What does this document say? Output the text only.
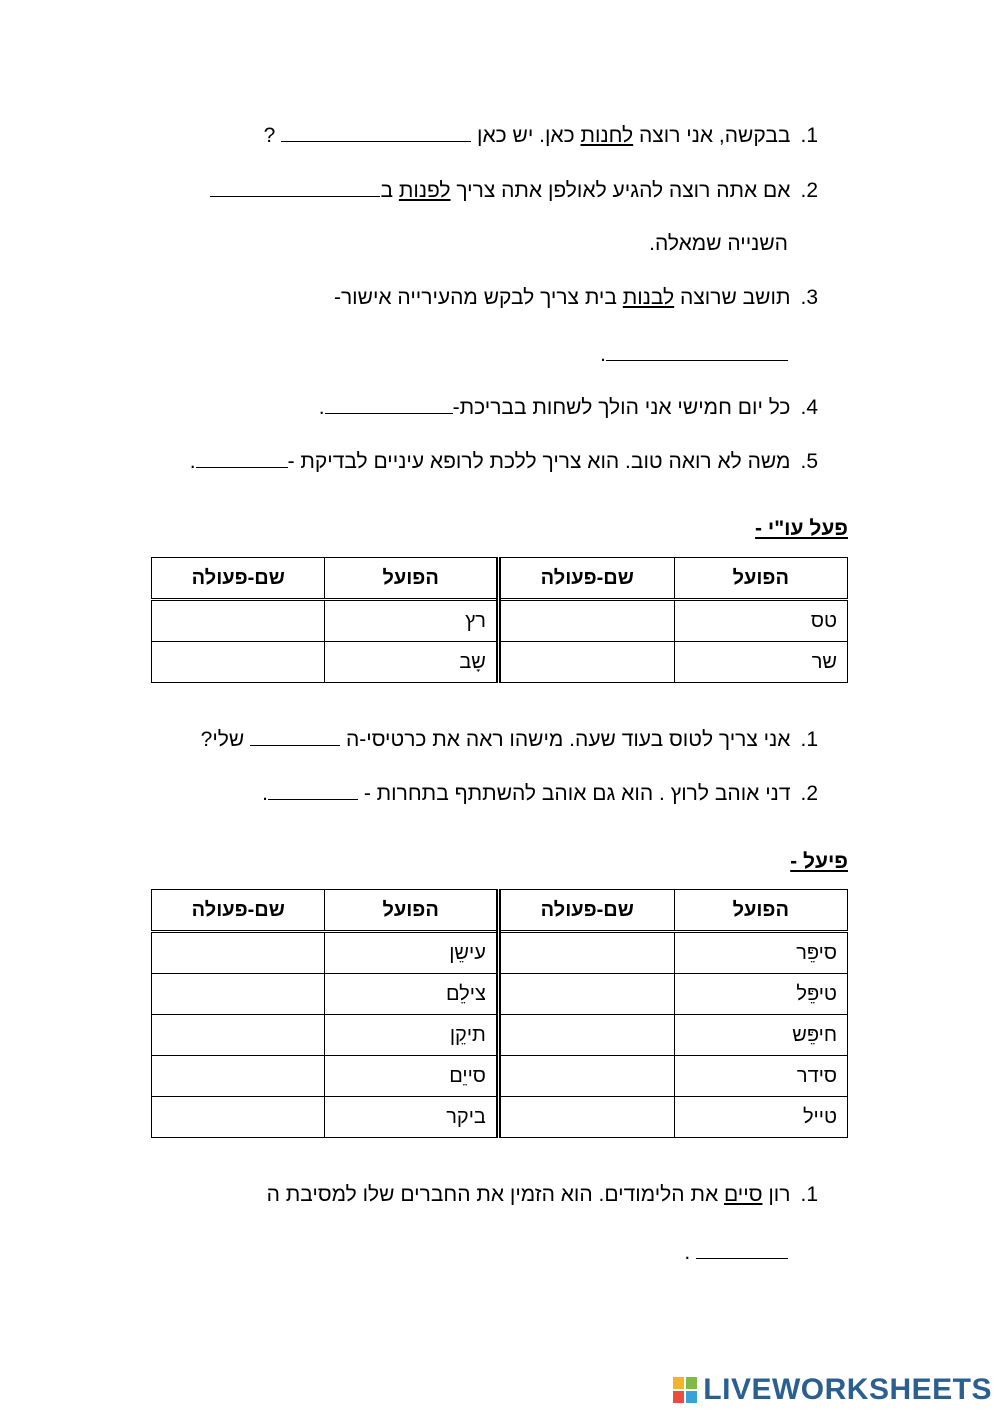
1.בבקשה, אני רוצה לחנות כאן. יש כאן  ?
2.אם אתה רוצה להגיע לאולפן אתה צריך לפנות ב
השנייה שמאלה.
3.תושב שרוצה לבנות בית צריך לבקש מהעירייה אישור-
.
4.כל יום חמישי אני הולך לשחות בבריכת-.
5.משה לא רואה טוב. הוא צריך ללכת לרופא עיניים לבדיקת -.
פעל עו"י -
הפועל	שם-פעולה	הפועל	שם-פעולה
טס		רץ	
שר		שָב	
1.אני צריך לטוס בעוד שעה. מישהו ראה את כרטיסי-ה  שלי?
2.דני אוהב לרוץ . הוא גם אוהב להשתתף בתחרות - .
פיעל -
הפועל	שם-פעולה	הפועל	שם-פעולה
סיפֵּר		עישֵן	
טיפֵּל		צילֵם	
חיפֵּש		תיקֵן	
סידר		סייֵם	
טייל		ביקר	
1.רון סיים את הלימודים. הוא הזמין את החברים שלו למסיבת ה
.
LIVEWORKSHEETS
